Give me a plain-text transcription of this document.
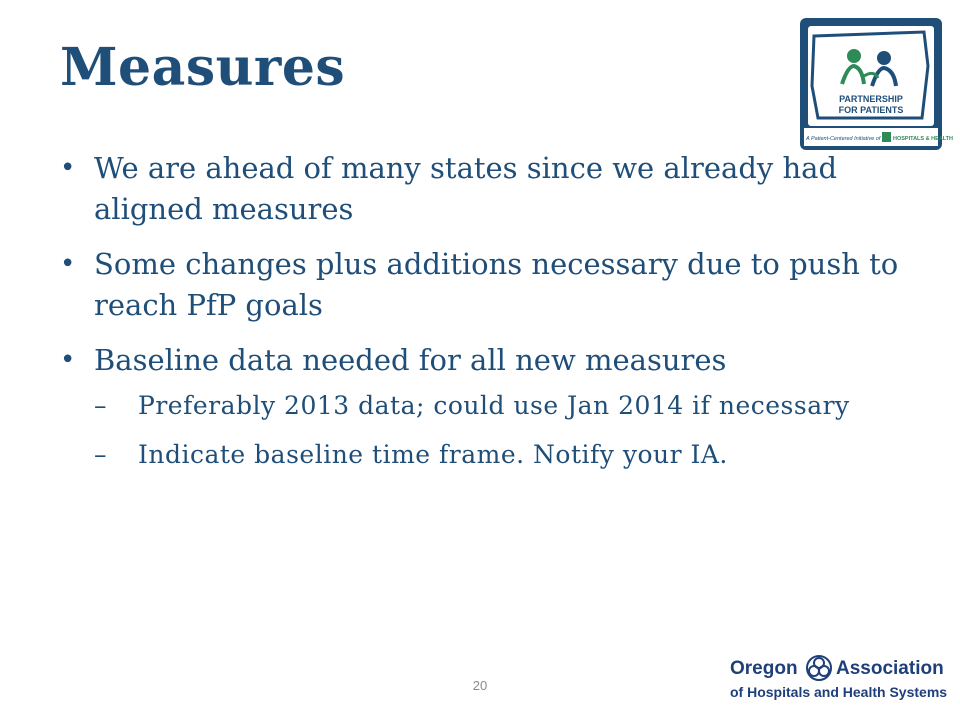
Measures
PARTNERSHIP
FOR PATIENTS
A Patient-Centered Initiative of HOSPITALS & HEALTH
• We are ahead of many states since we already had aligned measures
• Some changes plus additions necessary due to push to reach PfP goals
• Baseline data needed for all new measures
– Preferably 2013 data; could use Jan 2014 if necessary
– Indicate baseline time frame. Notify your IA.
20
Oregon Association
of Hospitals and Health Systems
